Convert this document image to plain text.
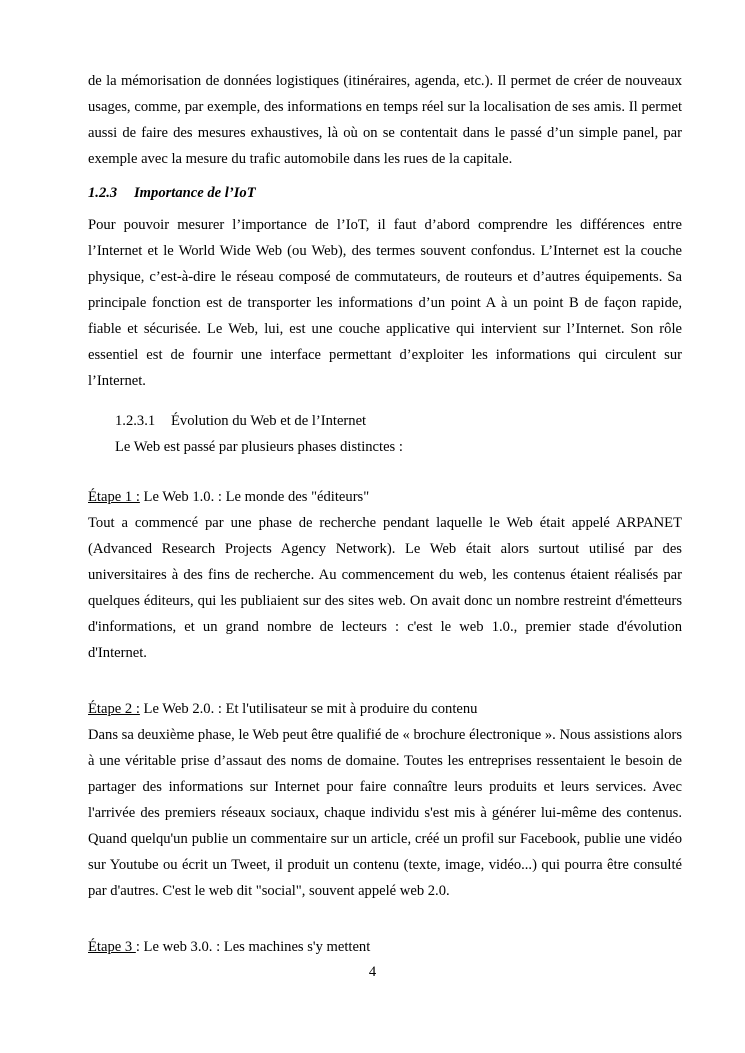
de la mémorisation de données logistiques (itinéraires, agenda, etc.). Il permet de créer de nouveaux usages, comme, par exemple, des informations en temps réel sur la localisation de ses amis. Il permet aussi de faire des mesures exhaustives, là où on se contentait dans le passé d’un simple panel, par exemple avec la mesure du trafic automobile dans les rues de la capitale.

1.2.3 Importance de l’IoT

Pour pouvoir mesurer l’importance de l’IoT, il faut d’abord comprendre les différences entre l’Internet et le World Wide Web (ou Web), des termes souvent confondus. L’Internet est la couche physique, c’est-à-dire le réseau composé de commutateurs, de routeurs et d’autres équipements. Sa principale fonction est de transporter les informations d’un point A à un point B de façon rapide, fiable et sécurisée. Le Web, lui, est une couche applicative qui intervient sur l’Internet. Son rôle essentiel est de fournir une interface permettant d’exploiter les informations qui circulent sur l’Internet.

1.2.3.1 Évolution du Web et de l’Internet
Le Web est passé par plusieurs phases distinctes :
Étape 1 : Le Web 1.0. : Le monde des "éditeurs"

Tout a commencé par une phase de recherche pendant laquelle le Web était appelé ARPANET (Advanced Research Projects Agency Network). Le Web était alors surtout utilisé par des universitaires à des fins de recherche. Au commencement du web, les contenus étaient réalisés par quelques éditeurs, qui les publiaient sur des sites web. On avait donc un nombre restreint d'émetteurs d'informations, et un grand nombre de lecteurs : c'est le web 1.0., premier stade d'évolution d'Internet.

Étape 2 : Le Web 2.0. : Et l'utilisateur se mit à produire du contenu

Dans sa deuxième phase, le Web peut être qualifié de « brochure électronique ». Nous assistions alors à une véritable prise d’assaut des noms de domaine. Toutes les entreprises ressentaient le besoin de partager des informations sur Internet pour faire connaître leurs produits et leurs services. Avec l'arrivée des premiers réseaux sociaux, chaque individu s'est mis à générer lui-même des contenus. Quand quelqu'un publie un commentaire sur un article, créé un profil sur Facebook, publie une vidéo sur Youtube ou écrit un Tweet, il produit un contenu (texte, image, vidéo...) qui pourra être consulté par d'autres. C'est le web dit "social", souvent appelé web 2.0.

Étape 3 : Le web 3.0. : Les machines s'y mettent
4
